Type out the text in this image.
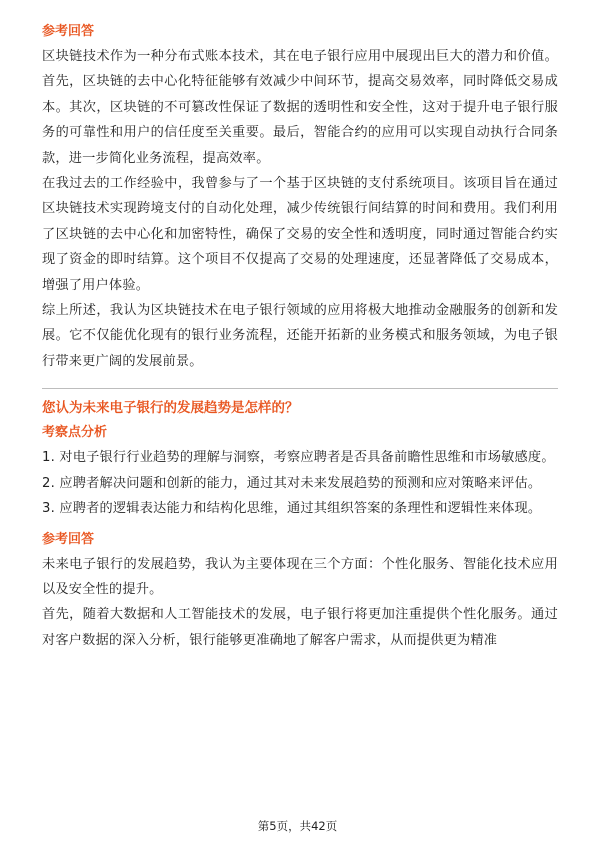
参考回答

区块链技术作为一种分布式账本技术，其在电子银行应用中展现出巨大的潜力和价值。首先，区块链的去中心化特征能够有效减少中间环节，提高交易效率，同时降低交易成本。其次，区块链的不可篡改性保证了数据的透明性和安全性，这对于提升电子银行服务的可靠性和用户的信任度至关重要。最后，智能合约的应用可以实现自动执行合同条款，进一步简化业务流程，提高效率。

在我过去的工作经验中，我曾参与了一个基于区块链的支付系统项目。该项目旨在通过区块链技术实现跨境支付的自动化处理，减少传统银行间结算的时间和费用。我们利用了区块链的去中心化和加密特性，确保了交易的安全性和透明度，同时通过智能合约实现了资金的即时结算。这个项目不仅提高了交易的处理速度，还显著降低了交易成本，增强了用户体验。

综上所述，我认为区块链技术在电子银行领域的应用将极大地推动金融服务的创新和发展。它不仅能优化现有的银行业务流程，还能开拓新的业务模式和服务领域，为电子银行带来更广阔的发展前景。

您认为未来电子银行的发展趋势是怎样的？
考察点分析

1. 对电子银行行业趋势的理解与洞察，考察应聘者是否具备前瞻性思维和市场敏感度。

2. 应聘者解决问题和创新的能力，通过其对未来发展趋势的预测和应对策略来评估。

3. 应聘者的逻辑表达能力和结构化思维，通过其组织答案的条理性和逻辑性来体现。

参考回答

未来电子银行的发展趋势，我认为主要体现在三个方面：个性化服务、智能化技术应用以及安全性的提升。

首先，随着大数据和人工智能技术的发展，电子银行将更加注重提供个性化服务。通过对客户数据的深入分析，银行能够更准确地了解客户需求，从而提供更为精准

第5页，共42页
